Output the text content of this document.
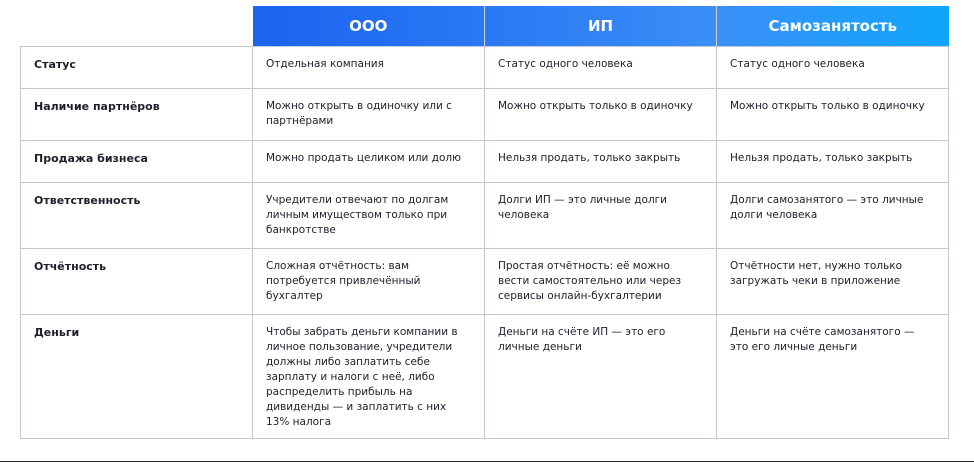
	ООО	ИП	Самозанятость
Статус	Отдельная компания	Статус одного человека	Статус одного человека
Наличие партнёров	Можно открыть в одиночку или с партнёрами	Можно открыть только в одиночку	Можно открыть только в одиночку
Продажа бизнеса	Можно продать целиком или долю	Нельзя продать, только закрыть	Нельзя продать, только закрыть
Ответственность	Учредители отвечают по долгам личным имуществом только при банкротстве	Долги ИП — это личные долги человека	Долги самозанятого — это личные долги человека
Отчётность	Сложная отчётность: вам потребуется привлечённый бухгалтер	Простая отчётность: её можно вести самостоятельно или через сервисы онлайн-бухгалтерии	Отчётности нет, нужно только загружать чеки в приложение
Деньги	Чтобы забрать деньги компании в личное пользование, учредители должны либо заплатить себе зарплату и налоги с неё, либо распределить прибыль на дивиденды — и заплатить с них 13% налога	Деньги на счёте ИП — это его личные деньги	Деньги на счёте самозанятого — это его личные деньги
